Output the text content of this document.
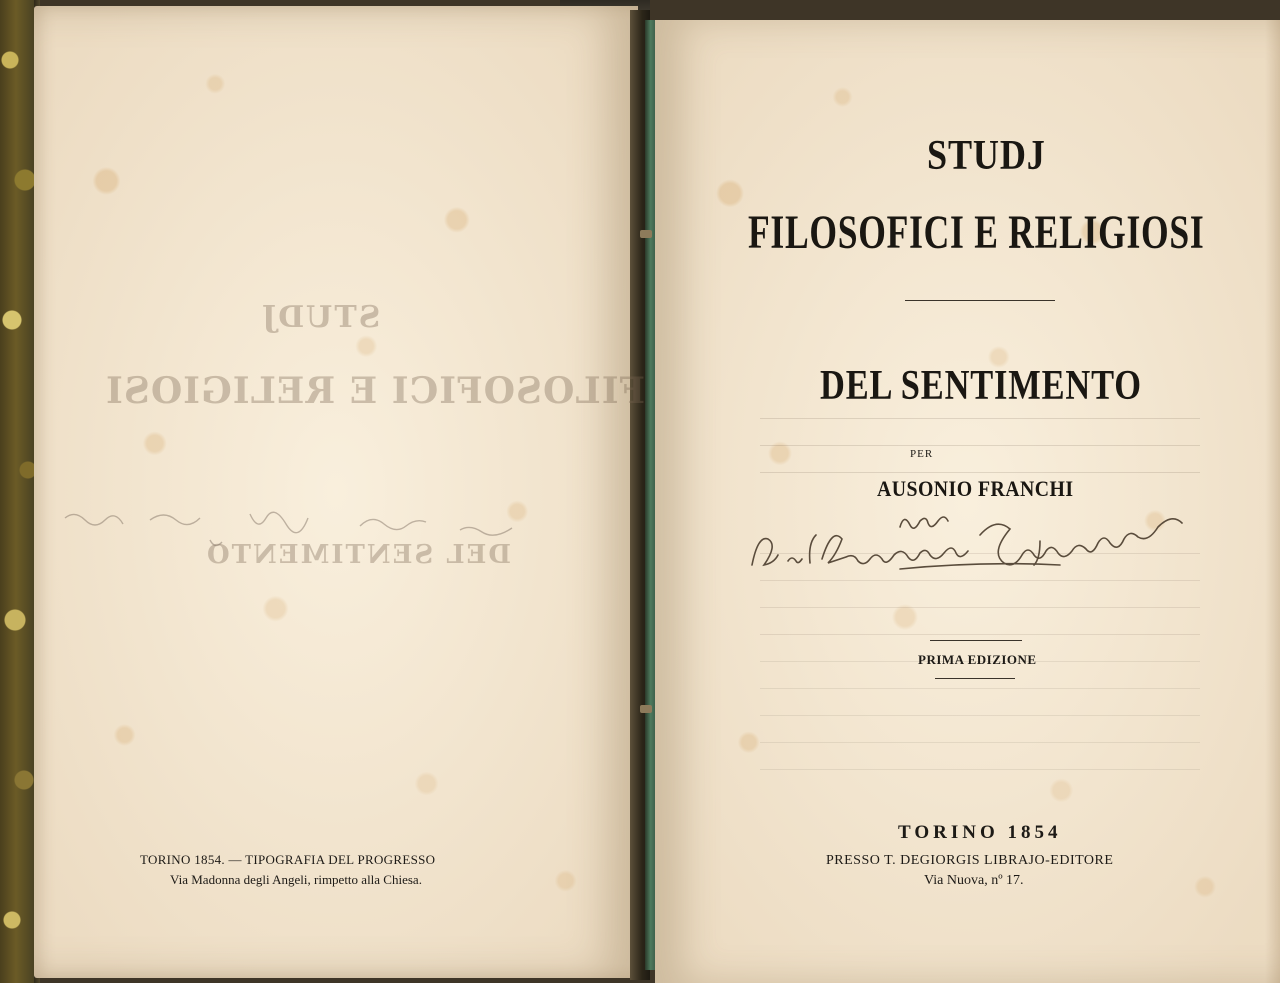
STUDJ
FILOSOFICI E RELIGIOSI
DEL SENTIMENTO
TORINO 1854. — TIPOGRAFIA DEL PROGRESSO
Via Madonna degli Angeli, rimpetto alla Chiesa.
STUDJ
FILOSOFICI E RELIGIOSI
DEL SENTIMENTO
PER
AUSONIO FRANCHI
PRIMA EDIZIONE
TORINO 1854
PRESSO T. DEGIORGIS LIBRAJO-EDITORE
Via Nuova, nº 17.
